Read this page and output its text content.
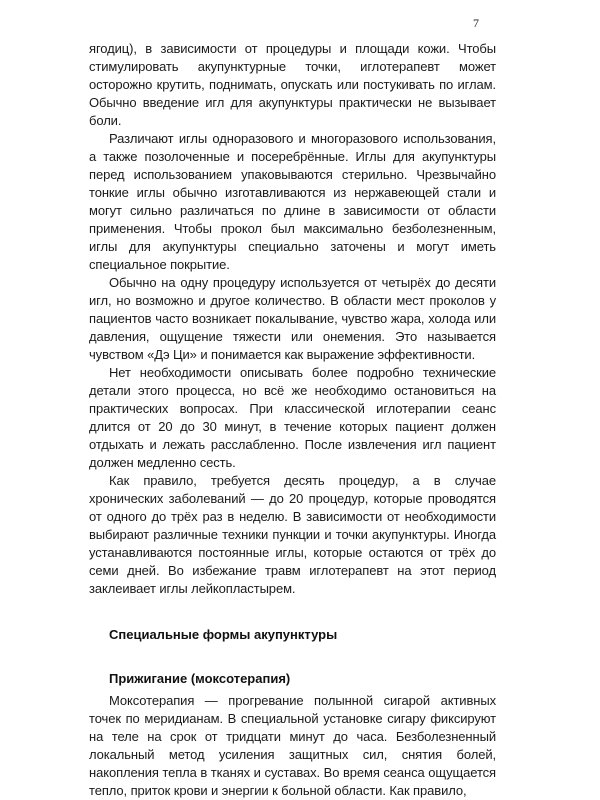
7

ягодиц), в зависимости от процедуры и площади кожи. Чтобы стимулировать акупунктурные точки, иглотерапевт может осторожно крутить, поднимать, опускать или постукивать по иглам. Обычно введение игл для акупунктуры практически не вызывает боли.

Различают иглы одноразового и многоразового использования, а также позолоченные и посеребрённые. Иглы для акупунктуры перед использованием упаковываются стерильно. Чрезвычайно тонкие иглы обычно изготавливаются из нержавеющей стали и могут сильно различаться по длине в зависимости от области применения. Чтобы прокол был максимально безболезненным, иглы для акупунктуры специально заточены и могут иметь специальное покрытие.

Обычно на одну процедуру используется от четырёх до десяти игл, но возможно и другое количество. В области мест проколов у пациентов часто возникает покалывание, чувство жара, холода или давления, ощущение тяжести или онемения. Это называется чувством «Дэ Ци» и понимается как выражение эффективности.

Нет необходимости описывать более подробно технические детали этого процесса, но всё же необходимо остановиться на практических вопросах. При классической иглотерапии сеанс длится от 20 до 30 минут, в течение которых пациент должен отдыхать и лежать расслабленно. После извлечения игл пациент должен медленно сесть.

Как правило, требуется десять процедур, а в случае хронических заболеваний — до 20 процедур, которые проводятся от одного до трёх раз в неделю. В зависимости от необходимости выбирают различные техники пункции и точки акупунктуры. Иногда устанавливаются постоянные иглы, которые остаются от трёх до семи дней. Во избежание травм иглотерапевт на этот период заклеивает иглы лейкопластырем.

Специальные формы акупунктуры
Прижигание (моксотерапия)

Моксотерапия — прогревание полынной сигарой активных точек по меридианам. В специальной установке сигару фиксируют на теле на срок от тридцати минут до часа. Безболезненный локальный метод усиления защитных сил, снятия болей, накопления тепла в тканях и суставах. Во время сеанса ощущается тепло, приток крови и энергии к больной области. Как правило,
